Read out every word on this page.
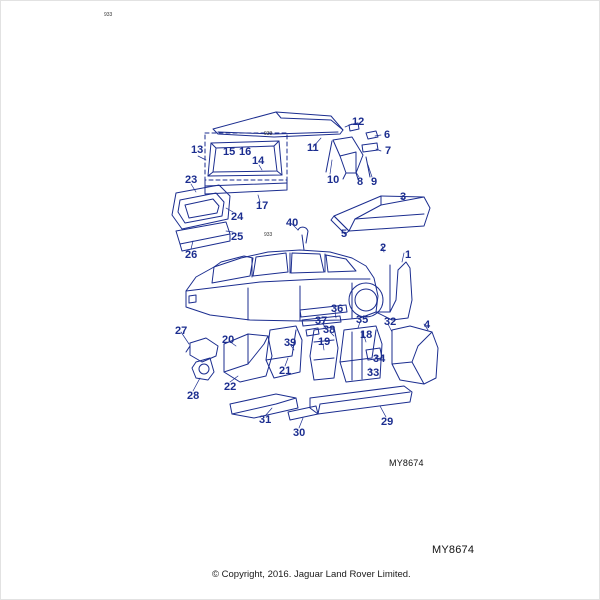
1
2
3
4
5
6
7
8 9
10
11
12
13
14
15 16
17
18
19
20
21
22
23
24
25
26
27
28
29
30
31
32
33
34
35
36
37
38
39
40
933
933
933
MY8674
MY8674
© Copyright, 2016. Jaguar Land Rover Limited.
